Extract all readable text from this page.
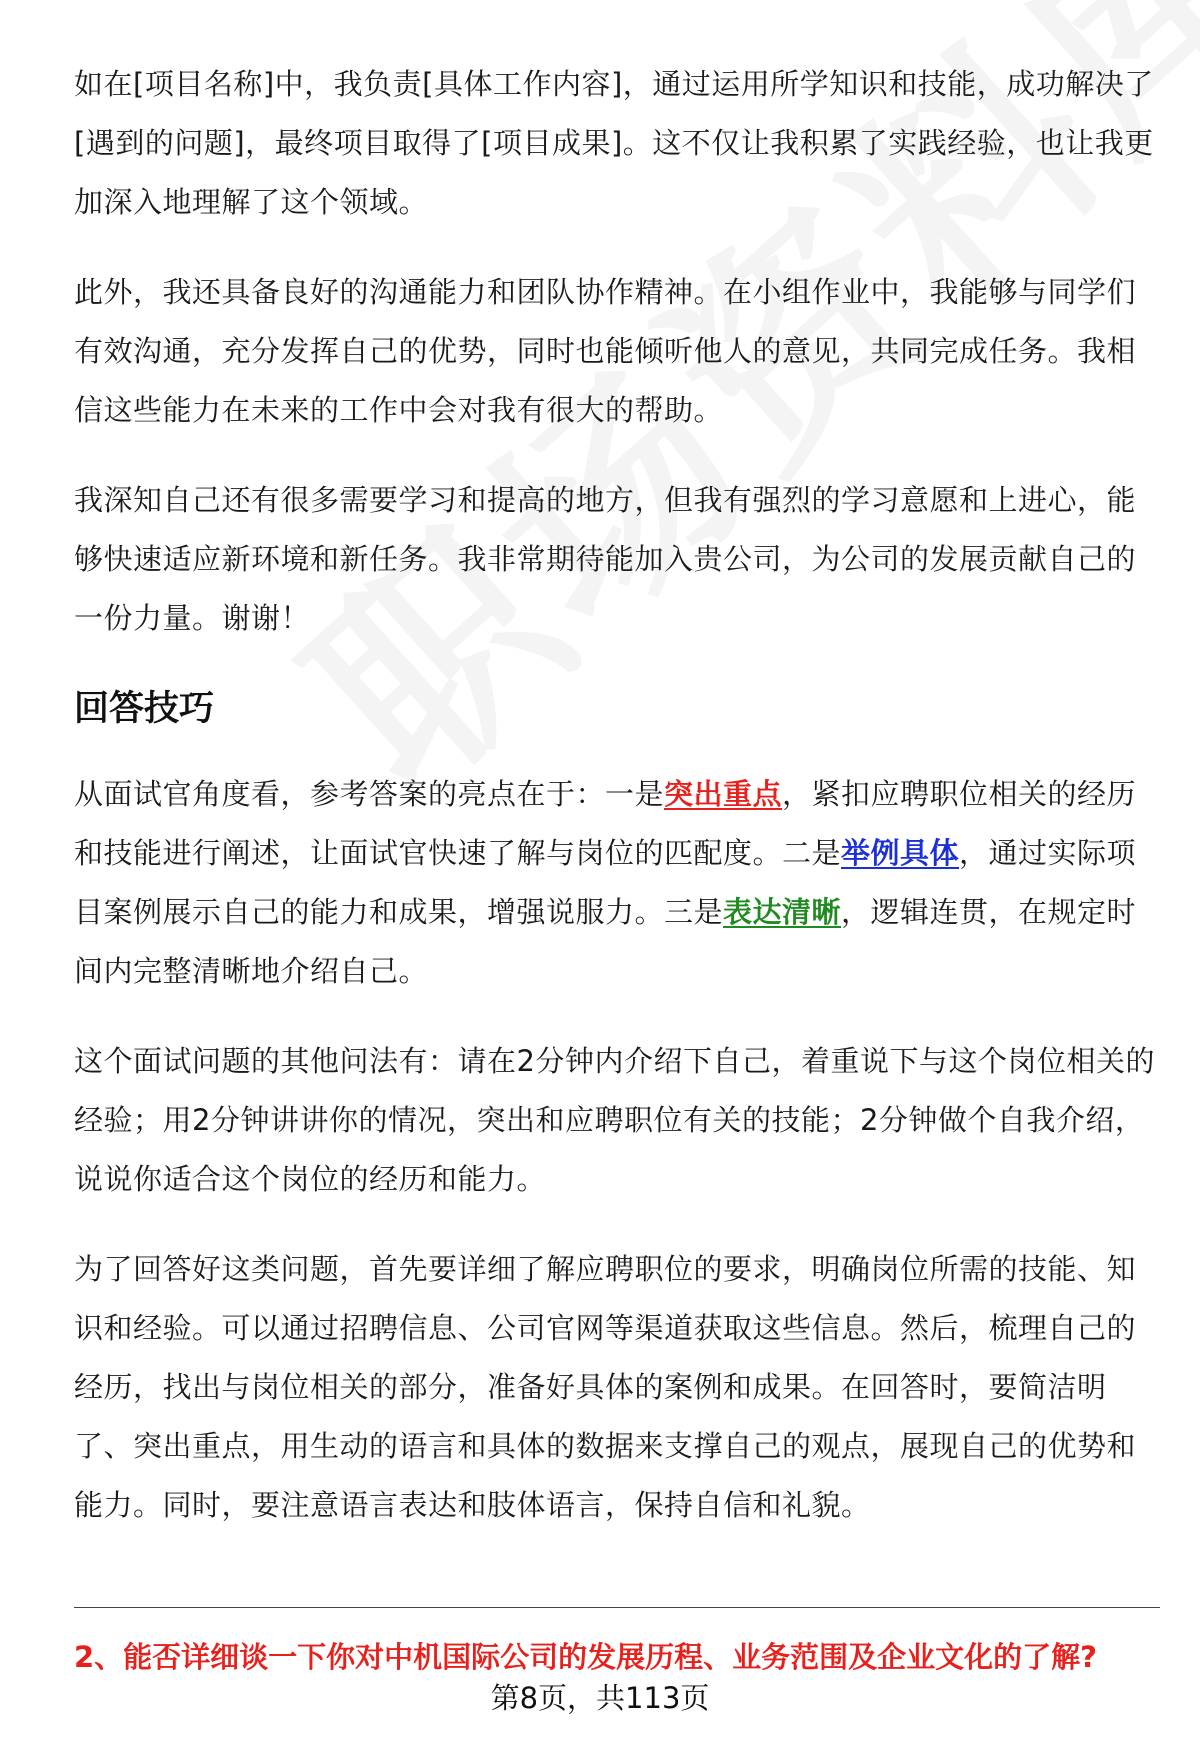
如在[项目名称]中，我负责[具体工作内容]，通过运用所学知识和技能，成功解决了[遇到的问题]，最终项目取得了[项目成果]。这不仅让我积累了实践经验，也让我更加深入地理解了这个领域。

此外，我还具备良好的沟通能力和团队协作精神。在小组作业中，我能够与同学们有效沟通，充分发挥自己的优势，同时也能倾听他人的意见，共同完成任务。我相信这些能力在未来的工作中会对我有很大的帮助。

我深知自己还有很多需要学习和提高的地方，但我有强烈的学习意愿和上进心，能够快速适应新环境和新任务。我非常期待能加入贵公司，为公司的发展贡献自己的一份力量。谢谢！

回答技巧

从面试官角度看，参考答案的亮点在于：一是突出重点，紧扣应聘职位相关的经历和技能进行阐述，让面试官快速了解与岗位的匹配度。二是举例具体，通过实际项目案例展示自己的能力和成果，增强说服力。三是表达清晰，逻辑连贯，在规定时间内完整清晰地介绍自己。

这个面试问题的其他问法有：请在2分钟内介绍下自己，着重说下与这个岗位相关的经验；用2分钟讲讲你的情况，突出和应聘职位有关的技能；2分钟做个自我介绍，说说你适合这个岗位的经历和能力。

为了回答好这类问题，首先要详细了解应聘职位的要求，明确岗位所需的技能、知识和经验。可以通过招聘信息、公司官网等渠道获取这些信息。然后，梳理自己的经历，找出与岗位相关的部分，准备好具体的案例和成果。在回答时，要简洁明了、突出重点，用生动的语言和具体的数据来支撑自己的观点，展现自己的优势和能力。同时，要注意语言表达和肢体语言，保持自信和礼貌。

2、能否详细谈一下你对中机国际公司的发展历程、业务范围及企业文化的了解?
第8页，共113页
